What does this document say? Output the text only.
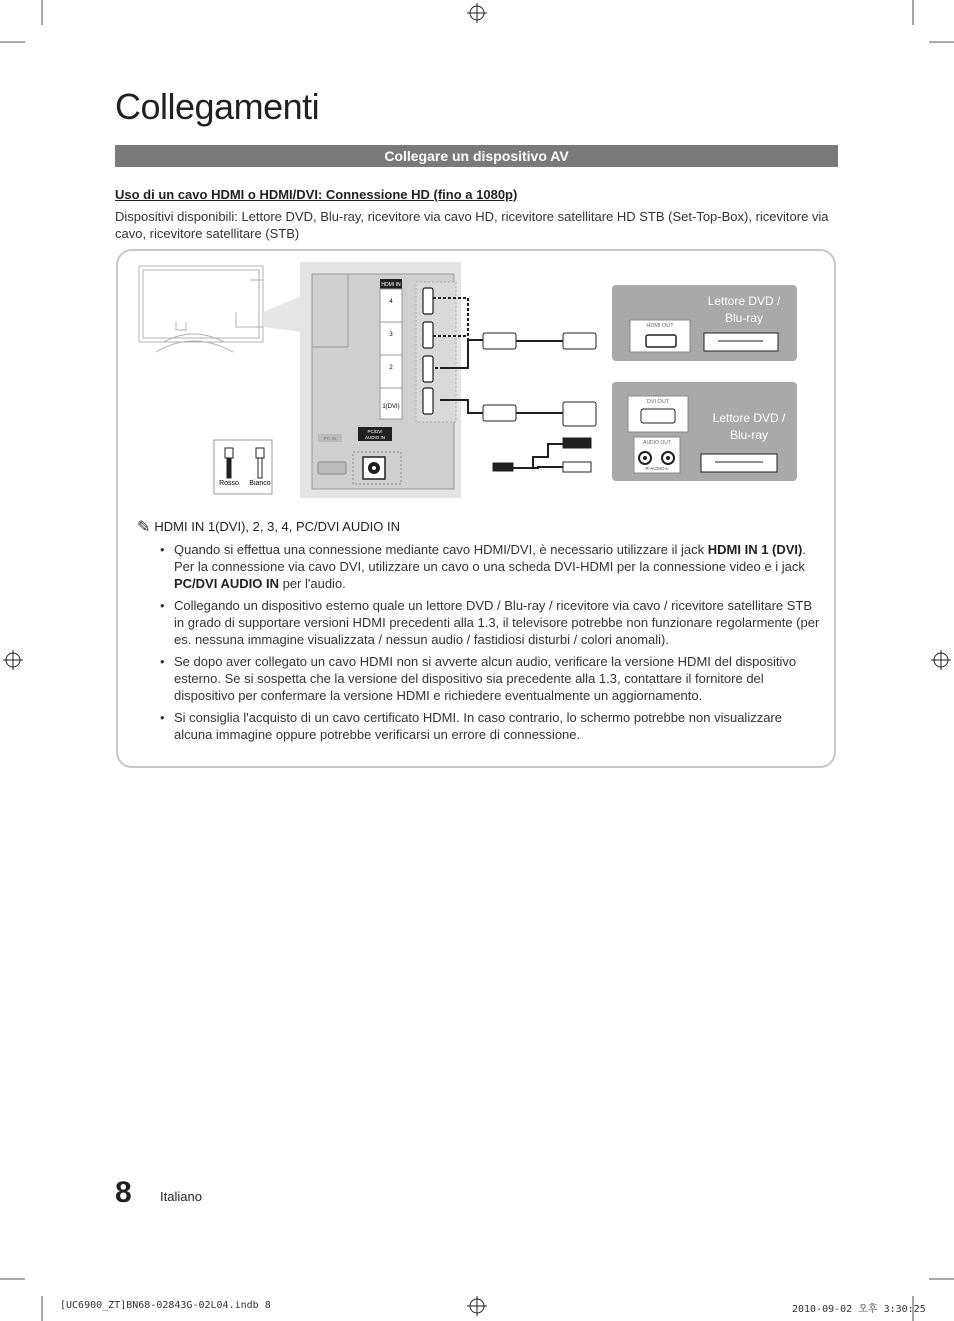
Collegamenti
Collegare un dispositivo AV
Uso di un cavo HDMI o HDMI/DVI: Connessione HD (fino a 1080p)
Dispositivi disponibili: Lettore DVD, Blu-ray, ricevitore via cavo HD, ricevitore satellitare HD STB (Set-Top-Box), ricevitore via cavo, ricevitore satellitare (STB)
HDMI IN
4
3
2
1(DVI)
PC/DVI
AUDIO IN
PC IN
Rosso Bianco
Lettore DVD /
Blu-ray
HDMI OUT
Lettore DVD /
Blu-ray
DVI OUT
AUDIO OUT
R-AUDIO-L
✎ HDMI IN 1(DVI), 2, 3, 4, PC/DVI AUDIO IN
• Quando si effettua una connessione mediante cavo HDMI/DVI, è necessario utilizzare il jack HDMI IN 1 (DVI). Per la connessione via cavo DVI, utilizzare un cavo o una scheda DVI-HDMI per la connessione video e i jack PC/DVI AUDIO IN per l'audio.
• Collegando un dispositivo esterno quale un lettore DVD / Blu-ray / ricevitore via cavo / ricevitore satellitare STB in grado di supportare versioni HDMI precedenti alla 1.3, il televisore potrebbe non funzionare regolarmente (per es. nessuna immagine visualizzata / nessun audio / fastidiosi disturbi / colori anomali).
• Se dopo aver collegato un cavo HDMI non si avverte alcun audio, verificare la versione HDMI del dispositivo esterno. Se si sospetta che la versione del dispositivo sia precedente alla 1.3, contattare il fornitore del dispositivo per confermare la versione HDMI e richiedere eventualmente un aggiornamento.
• Si consiglia l'acquisto di un cavo certificato HDMI. In caso contrario, lo schermo potrebbe non visualizzare alcuna immagine oppure potrebbe verificarsi un errore di connessione.
8 Italiano
[UC6900_ZT]BN68-02843G-02L04.indb 8	2010-09-02 오후 3:30:25
